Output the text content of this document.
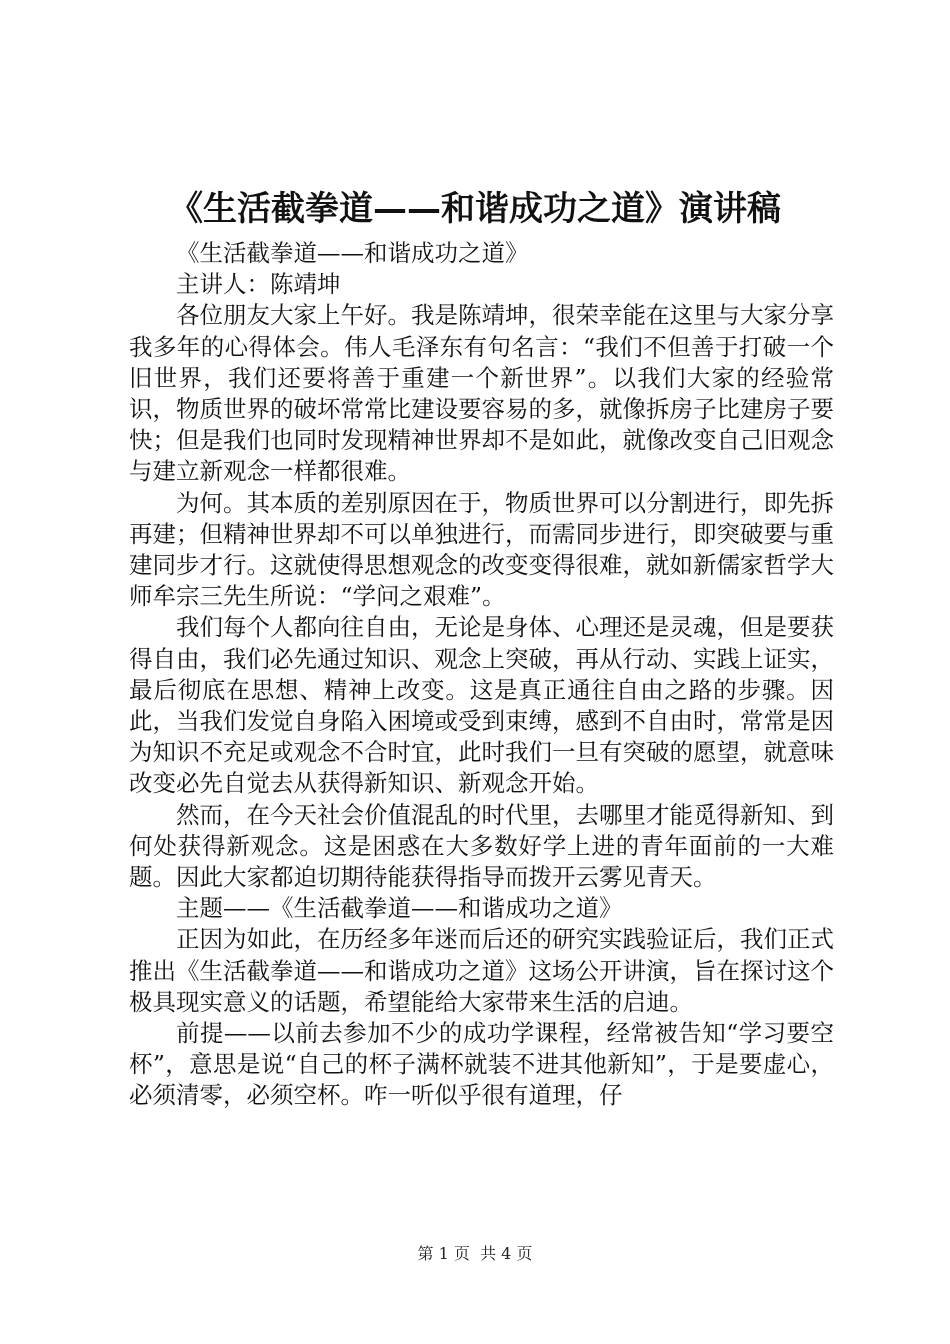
《生活截拳道——和谐成功之道》演讲稿

《生活截拳道——和谐成功之道》

主讲人：陈靖坤

各位朋友大家上午好。我是陈靖坤，很荣幸能在这里与大家分享我多年的心得体会。伟人毛泽东有句名言：“我们不但善于打破一个旧世界，我们还要将善于重建一个新世界”。以我们大家的经验常识，物质世界的破坏常常比建设要容易的多，就像拆房子比建房子要快；但是我们也同时发现精神世界却不是如此，就像改变自己旧观念与建立新观念一样都很难。

为何。其本质的差别原因在于，物质世界可以分割进行，即先拆再建；但精神世界却不可以单独进行，而需同步进行，即突破要与重建同步才行。这就使得思想观念的改变变得很难，就如新儒家哲学大师牟宗三先生所说：“学问之艰难”。

我们每个人都向往自由，无论是身体、心理还是灵魂，但是要获得自由，我们必先通过知识、观念上突破，再从行动、实践上证实，最后彻底在思想、精神上改变。这是真正通往自由之路的步骤。因此，当我们发觉自身陷入困境或受到束缚，感到不自由时，常常是因为知识不充足或观念不合时宜，此时我们一旦有突破的愿望，就意味改变必先自觉去从获得新知识、新观念开始。

然而，在今天社会价值混乱的时代里，去哪里才能觅得新知、到何处获得新观念。这是困惑在大多数好学上进的青年面前的一大难题。因此大家都迫切期待能获得指导而拨开云雾见青天。

主题——《生活截拳道——和谐成功之道》

正因为如此，在历经多年迷而后还的研究实践验证后，我们正式推出《生活截拳道——和谐成功之道》这场公开讲演，旨在探讨这个极具现实意义的话题，希望能给大家带来生活的启迪。

前提——以前去参加不少的成功学课程，经常被告知“学习要空杯”，意思是说“自己的杯子满杯就装不进其他新知”，于是要虚心，必须清零，必须空杯。咋一听似乎很有道理，仔

第 1 页 共 4 页
